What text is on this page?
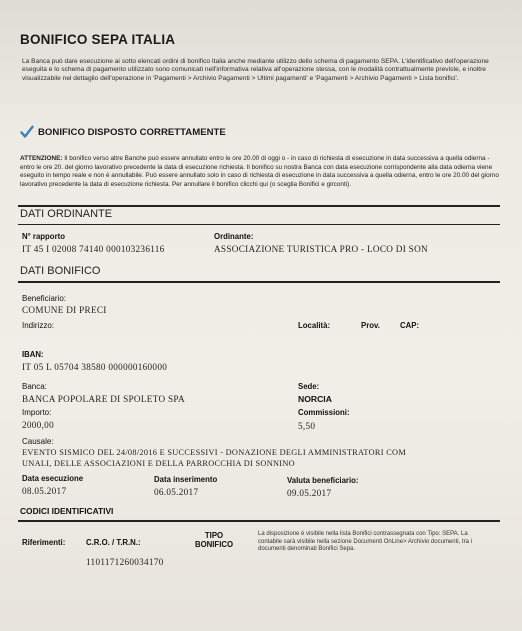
BONIFICO SEPA ITALIA
La Banca può dare esecuzione ai sotto elencati ordini di bonifico Italia anche mediante utilizzo dello schema di pagamento SEPA. L'identificativo dell'operazione eseguita e lo schema di pagamento utilizzato sono comunicati nell'informativa relativa all'operazione stessa, con le modalità contrattualmente previste, e inoltre visualizzabile nel dettaglio dell'operazione in 'Pagamenti > Archivio Pagamenti > Ultimi pagamenti' e 'Pagamenti > Archivio Pagamenti > Lista bonifici'.
BONIFICO DISPOSTO CORRETTAMENTE
ATTENZIONE: Il bonifico verso altre Banche può essere annullato entro le ore 20.00 di oggi o - in caso di richiesta di esecuzione in data successiva a quella odierna - entro le ore 20. del giorno lavorativo precedente la data di esecuzione richiesta. Il bonifico su nostra Banca con data esecuzione corrispondente alla data odierna viene eseguito in tempo reale e non è annullabile. Può essere annullato solo in caso di richiesta di esecuzione in data successiva a quella odierna, entro le ore 20.00 del giorno lavorativo precedente la data di esecuzione richiesta. Per annullare il bonifico clicchi qui (o sceglia Bonifici e girconti).
DATI ORDINANTE
N° rapporto
IT 45 I 02008 74140 000103236116
Ordinante:
ASSOCIAZIONE TURISTICA PRO - LOCO DI SON
DATI BONIFICO
Beneficiario:
COMUNE DI PRECI
Indirizzo:	Località:	Prov.	CAP:
IBAN:
IT 05 L 05704 38580 000000160000
Banca:
BANCA POPOLARE DI SPOLETO SPA
Sede:
NORCIA
Importo:
2000,00
Commissioni:
5,50
Causale:
EVENTO SISMICO DEL 24/08/2016 E SUCCESSIVI - DONAZIONE DEGLI AMMINISTRATORI COM
UNALI, DELLE ASSOCIAZIONI E DELLA PARROCCHIA DI SONNINO
Data esecuzione
08.05.2017
Data inserimento
06.05.2017
Valuta beneficiario:
09.05.2017
CODICI IDENTIFICATIVI
Riferimenti:	C.R.O. / T.R.N.:
1101171260034170
TIPO BONIFICO
La disposizione è visibile nella lista Bonifici contrassegnata con Tipo: SEPA. La contabile sarà visibile nella sezione Documenti OnLine> Archivio documenti, tra i documenti denominati Bonifici Sepa.
